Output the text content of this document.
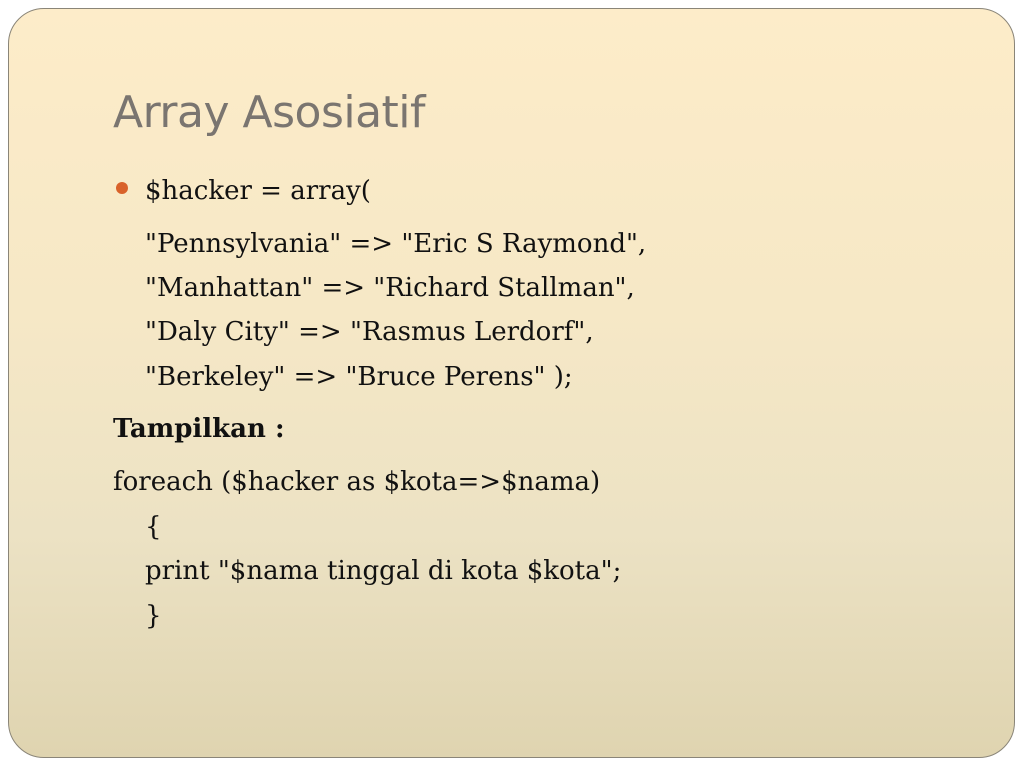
Array Asosiatif
$hacker = array(
"Pennsylvania" => "Eric S Raymond",
"Manhattan" => "Richard Stallman",
"Daly City" => "Rasmus Lerdorf",
"Berkeley" => "Bruce Perens" );
Tampilkan :
foreach ($hacker as $kota=>$nama)
{
print "$nama tinggal di kota $kota";
}
